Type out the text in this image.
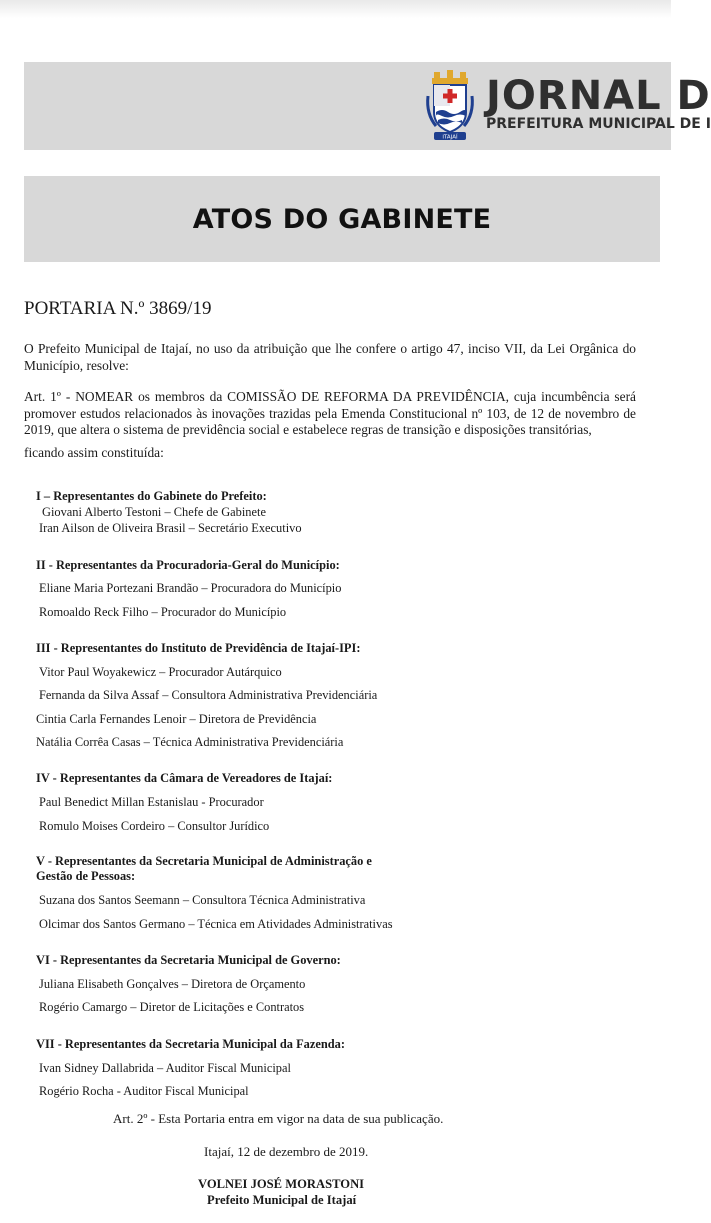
ITAJAÍ
JORNAL D
PREFEITURA MUNICIPAL DE I
ATOS DO GABINETE
PORTARIA N.º 3869/19
O Prefeito Municipal de Itajaí, no uso da atribuição que lhe confere o artigo 47, inciso VII, da Lei Orgânica do Município, resolve:
Art. 1º - NOMEAR os membros da COMISSÃO DE REFORMA DA PREVIDÊNCIA, cuja incumbência será promover estudos relacionados às inovações trazidas pela Emenda Constitucional nº 103, de 12 de novembro de 2019, que altera o sistema de previdência social e estabelece regras de transição e disposições transitórias,
ficando assim constituída:
I – Representantes do Gabinete do Prefeito:
Giovani Alberto Testoni – Chefe de Gabinete
Iran Ailson de Oliveira Brasil – Secretário Executivo
II - Representantes da Procuradoria-Geral do Município:
Eliane Maria Portezani Brandão – Procuradora do Município
Romoaldo Reck Filho – Procurador do Município
III - Representantes do Instituto de Previdência de Itajaí-IPI:
Vitor Paul Woyakewicz – Procurador Autárquico
Fernanda da Silva Assaf – Consultora Administrativa Previdenciária
Cintia Carla Fernandes Lenoir – Diretora de Previdência
Natália Corrêa Casas – Técnica Administrativa Previdenciária
IV - Representantes da Câmara de Vereadores de Itajaí:
Paul Benedict Millan Estanislau - Procurador
Romulo Moises Cordeiro – Consultor Jurídico
V - Representantes da Secretaria Municipal de Administração e
Gestão de Pessoas:
Suzana dos Santos Seemann – Consultora Técnica Administrativa
Olcimar dos Santos Germano – Técnica em Atividades Administrativas
VI - Representantes da Secretaria Municipal de Governo:
Juliana Elisabeth Gonçalves – Diretora de Orçamento
Rogério Camargo – Diretor de Licitações e Contratos
VII - Representantes da Secretaria Municipal da Fazenda:
Ivan Sidney Dallabrida – Auditor Fiscal Municipal
Rogério Rocha - Auditor Fiscal Municipal
Art. 2º - Esta Portaria entra em vigor na data de sua publicação.
Itajaí, 12 de dezembro de 2019.
VOLNEI JOSÉ MORASTONI
Prefeito Municipal de Itajaí
